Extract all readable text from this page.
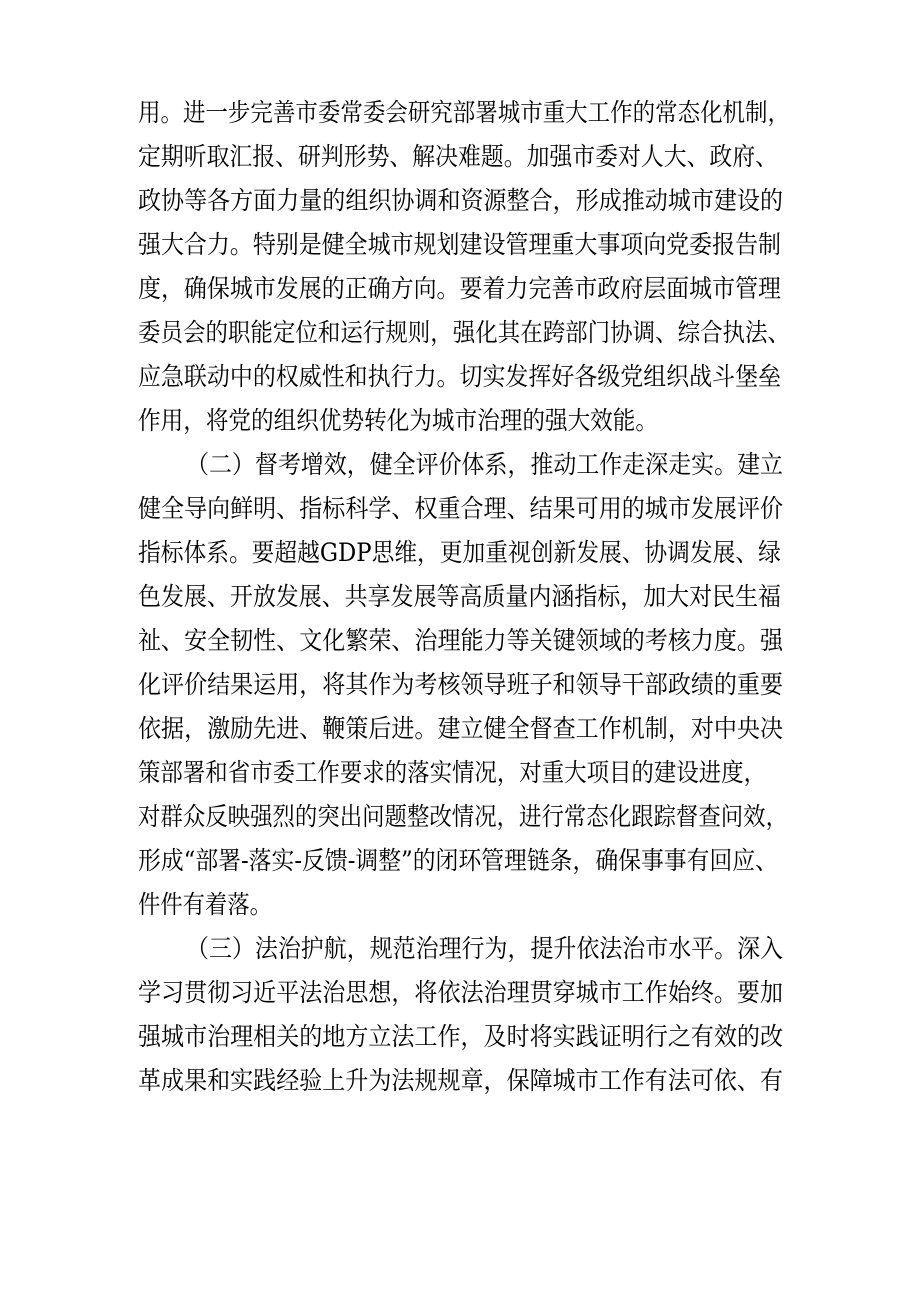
用。进一步完善市委常委会研究部署城市重大工作的常态化机制，
定期听取汇报、研判形势、解决难题。加强市委对人大、政府、
政协等各方面力量的组织协调和资源整合，形成推动城市建设的
强大合力。特别是健全城市规划建设管理重大事项向党委报告制
度，确保城市发展的正确方向。要着力完善市政府层面城市管理
委员会的职能定位和运行规则，强化其在跨部门协调、综合执法、
应急联动中的权威性和执行力。切实发挥好各级党组织战斗堡垒
作用，将党的组织优势转化为城市治理的强大效能。
（二）督考增效，健全评价体系，推动工作走深走实。建立
健全导向鲜明、指标科学、权重合理、结果可用的城市发展评价
指标体系。要超越GDP思维，更加重视创新发展、协调发展、绿
色发展、开放发展、共享发展等高质量内涵指标，加大对民生福
祉、安全韧性、文化繁荣、治理能力等关键领域的考核力度。强
化评价结果运用，将其作为考核领导班子和领导干部政绩的重要
依据，激励先进、鞭策后进。建立健全督查工作机制，对中央决
策部署和省市委工作要求的落实情况，对重大项目的建设进度，
对群众反映强烈的突出问题整改情况，进行常态化跟踪督查问效，
形成“部署-落实-反馈-调整”的闭环管理链条，确保事事有回应、
件件有着落。
（三）法治护航，规范治理行为，提升依法治市水平。深入
学习贯彻习近平法治思想，将依法治理贯穿城市工作始终。要加
强城市治理相关的地方立法工作，及时将实践证明行之有效的改
革成果和实践经验上升为法规规章，保障城市工作有法可依、有
